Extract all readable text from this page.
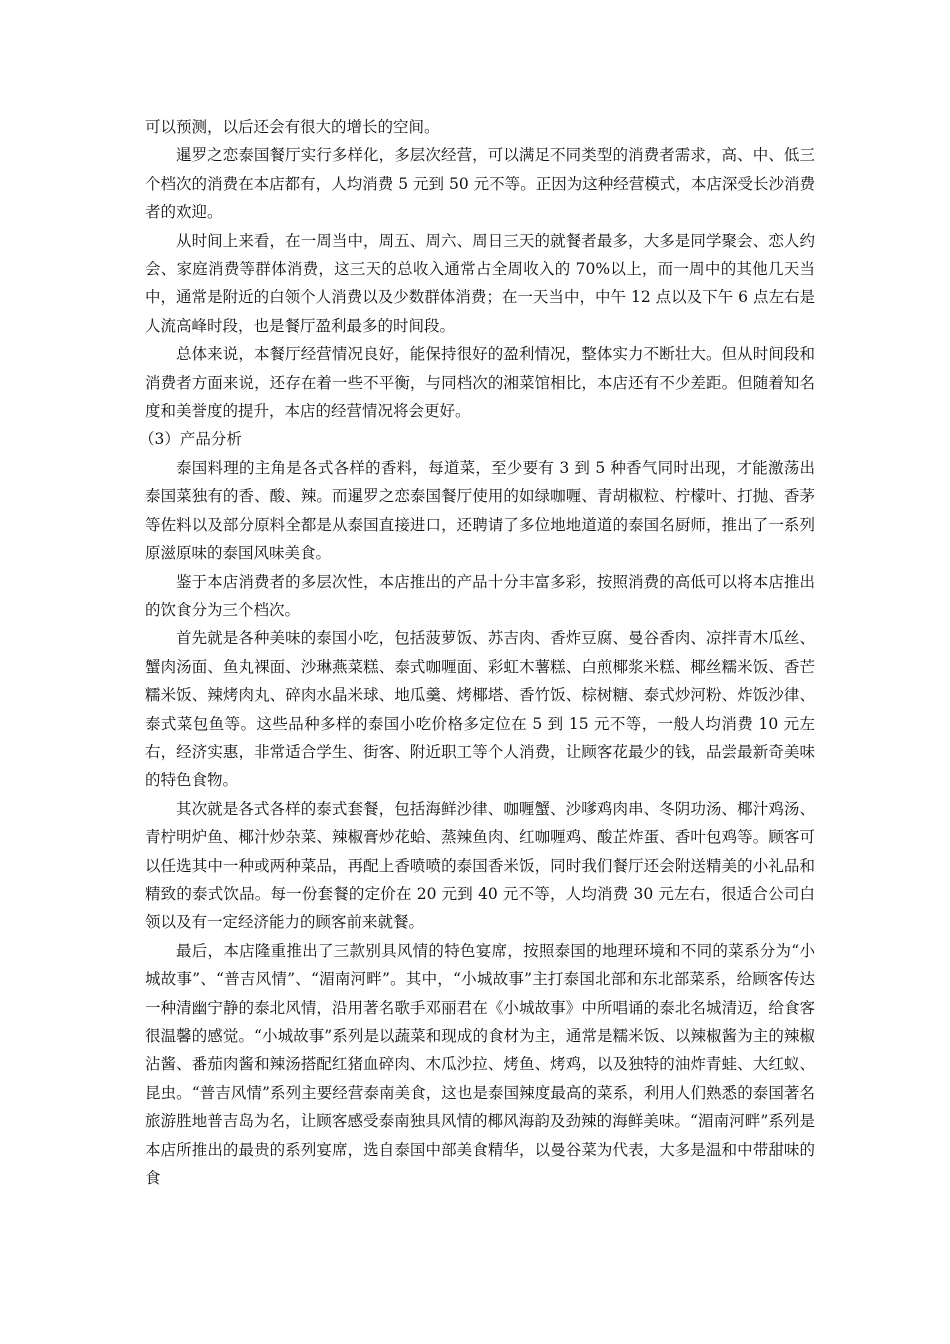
可以预测，以后还会有很大的增长的空间。

暹罗之恋泰国餐厅实行多样化，多层次经营，可以满足不同类型的消费者需求，高、中、低三个档次的消费在本店都有，人均消费 5 元到 50 元不等。正因为这种经营模式，本店深受长沙消费者的欢迎。

从时间上来看，在一周当中，周五、周六、周日三天的就餐者最多，大多是同学聚会、恋人约会、家庭消费等群体消费，这三天的总收入通常占全周收入的 70%以上，而一周中的其他几天当中，通常是附近的白领个人消费以及少数群体消费；在一天当中，中午 12 点以及下午 6 点左右是人流高峰时段，也是餐厅盈利最多的时间段。

总体来说，本餐厅经营情况良好，能保持很好的盈利情况，整体实力不断壮大。但从时间段和消费者方面来说，还存在着一些不平衡，与同档次的湘菜馆相比，本店还有不少差距。但随着知名度和美誉度的提升，本店的经营情况将会更好。

（3）产品分析

泰国料理的主角是各式各样的香料，每道菜，至少要有 3 到 5 种香气同时出现，才能激荡出泰国菜独有的香、酸、辣。而暹罗之恋泰国餐厅使用的如绿咖喱、青胡椒粒、柠檬叶、打抛、香茅等佐料以及部分原料全都是从泰国直接进口，还聘请了多位地地道道的泰国名厨师，推出了一系列原滋原味的泰国风味美食。

鉴于本店消费者的多层次性，本店推出的产品十分丰富多彩，按照消费的高低可以将本店推出的饮食分为三个档次。

首先就是各种美味的泰国小吃，包括菠萝饭、苏吉肉、香炸豆腐、曼谷香肉、凉拌青木瓜丝、蟹肉汤面、鱼丸裸面、沙琳燕菜糕、泰式咖喱面、彩虹木薯糕、白煎椰浆米糕、椰丝糯米饭、香芒糯米饭、辣烤肉丸、碎肉水晶米球、地瓜羹、烤椰塔、香竹饭、棕树糖、泰式炒河粉、炸饭沙律、泰式菜包鱼等。这些品种多样的泰国小吃价格多定位在 5 到 15 元不等，一般人均消费 10 元左右，经济实惠，非常适合学生、街客、附近职工等个人消费，让顾客花最少的钱，品尝最新奇美味的特色食物。

其次就是各式各样的泰式套餐，包括海鲜沙律、咖喱蟹、沙嗲鸡肉串、冬阴功汤、椰汁鸡汤、青柠明炉鱼、椰汁炒杂菜、辣椒膏炒花蛤、蒸辣鱼肉、红咖喱鸡、酸芷炸蛋、香叶包鸡等。顾客可以任选其中一种或两种菜品，再配上香喷喷的泰国香米饭，同时我们餐厅还会附送精美的小礼品和精致的泰式饮品。每一份套餐的定价在 20 元到 40 元不等，人均消费 30 元左右，很适合公司白领以及有一定经济能力的顾客前来就餐。

最后，本店隆重推出了三款别具风情的特色宴席，按照泰国的地理环境和不同的菜系分为“小城故事”、“普吉风情”、“湄南河畔”。其中，“小城故事”主打泰国北部和东北部菜系，给顾客传达一种清幽宁静的泰北风情，沿用著名歌手邓丽君在《小城故事》中所唱诵的泰北名城清迈，给食客很温馨的感觉。“小城故事”系列是以蔬菜和现成的食材为主，通常是糯米饭、以辣椒酱为主的辣椒沾酱、番茄肉酱和辣汤搭配红猪血碎肉、木瓜沙拉、烤鱼、烤鸡，以及独特的油炸青蛙、大红蚁、昆虫。“普吉风情”系列主要经营泰南美食，这也是泰国辣度最高的菜系，利用人们熟悉的泰国著名旅游胜地普吉岛为名，让顾客感受泰南独具风情的椰风海韵及劲辣的海鲜美味。“湄南河畔”系列是本店所推出的最贵的系列宴席，选自泰国中部美食精华，以曼谷菜为代表，大多是温和中带甜味的食
